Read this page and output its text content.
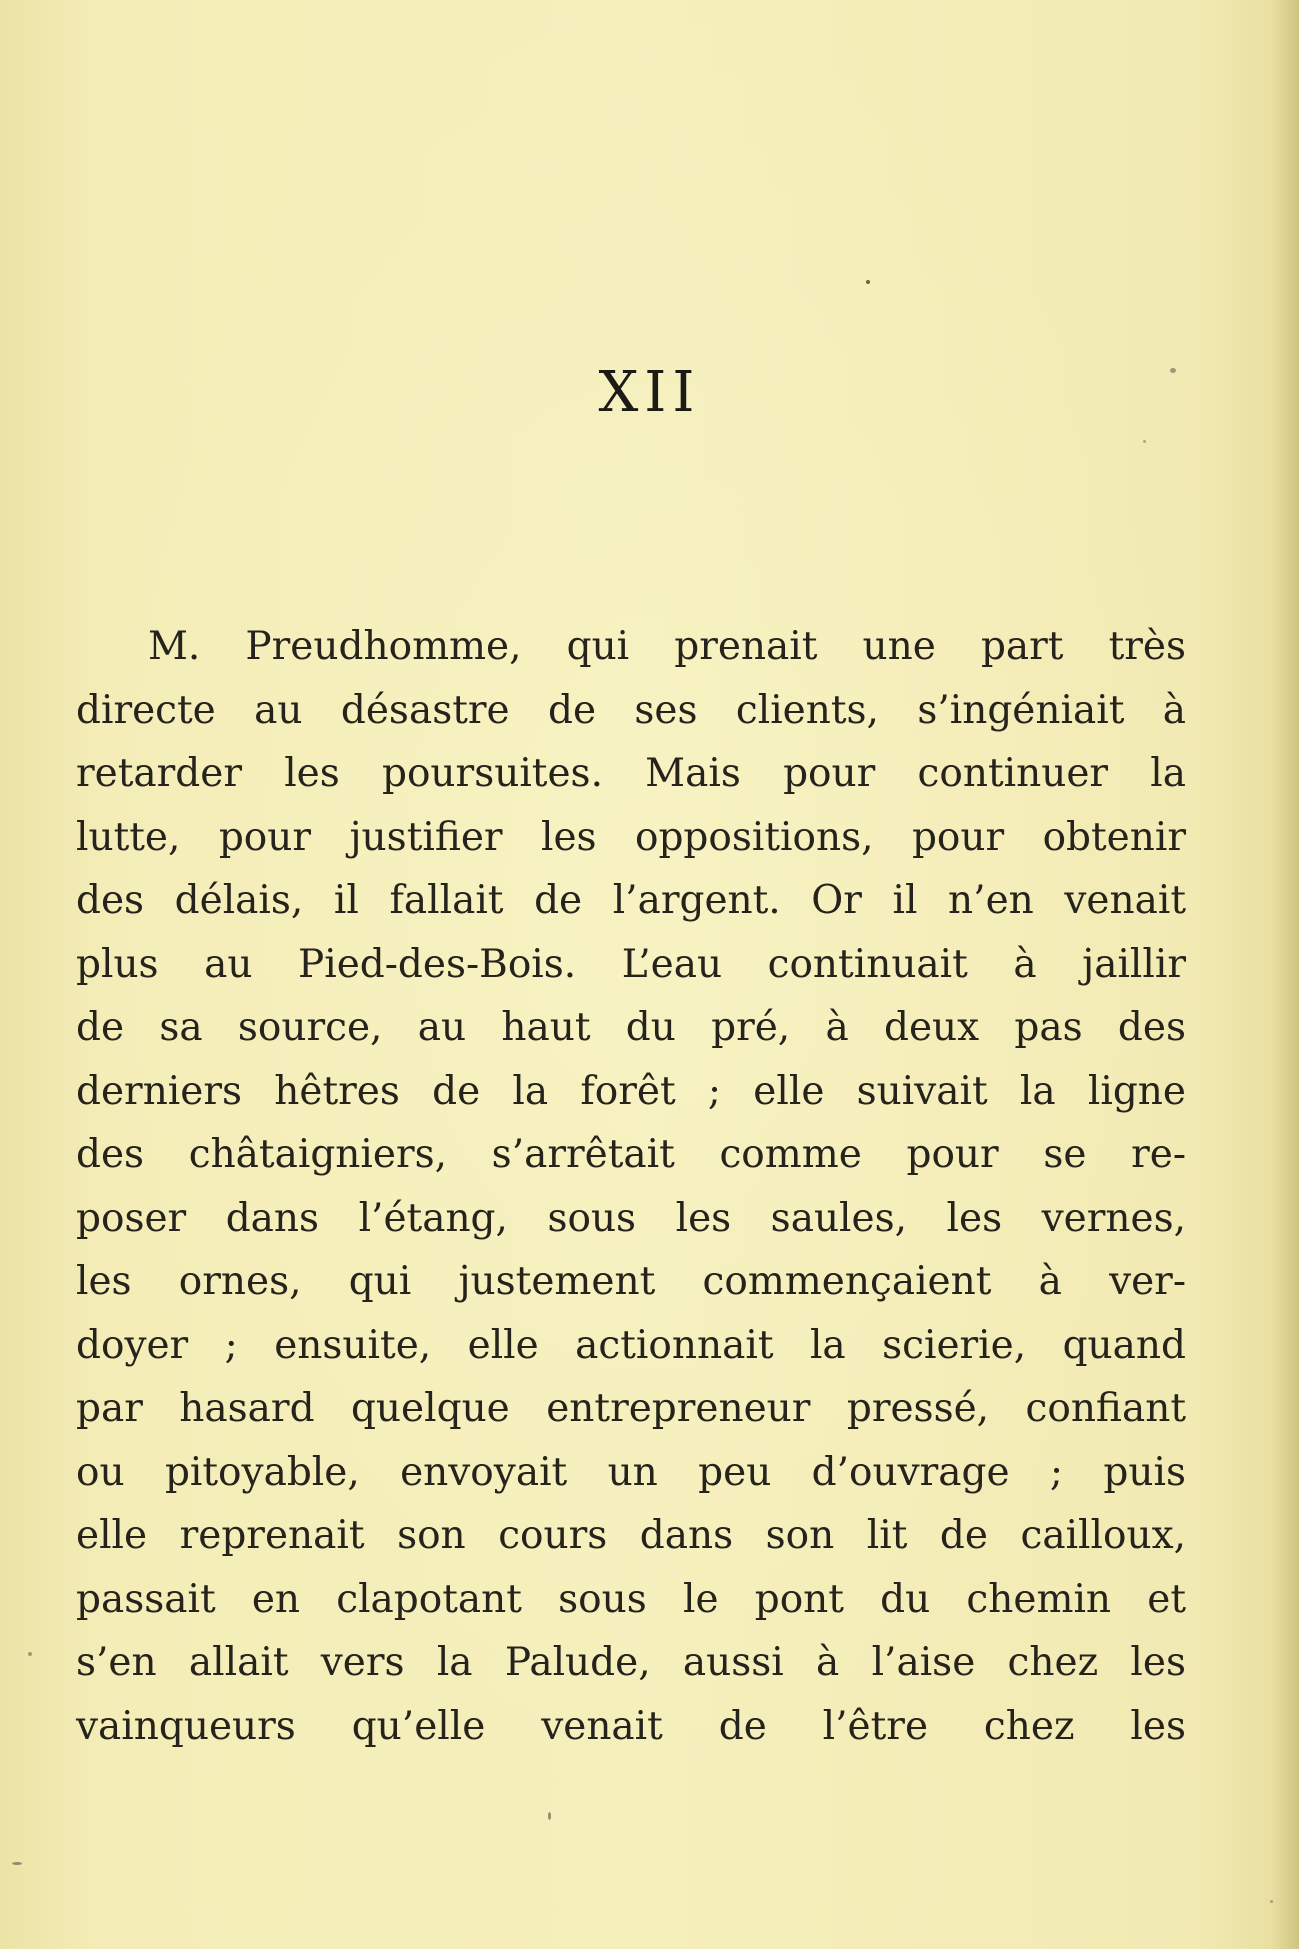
XII
M. Preudhomme, qui prenait une part très
directe au désastre de ses clients, s’ingéniait à
retarder les poursuites. Mais pour continuer la
lutte, pour justifier les oppositions, pour obtenir
des délais, il fallait de l’argent. Or il n’en venait
plus au Pied-des-Bois. L’eau continuait à jaillir
de sa source, au haut du pré, à deux pas des
derniers hêtres de la forêt ; elle suivait la ligne
des châtaigniers, s’arrêtait comme pour se re-
poser dans l’étang, sous les saules, les vernes,
les ornes, qui justement commençaient à ver-
doyer ; ensuite, elle actionnait la scierie, quand
par hasard quelque entrepreneur pressé, confiant
ou pitoyable, envoyait un peu d’ouvrage ; puis
elle reprenait son cours dans son lit de cailloux,
passait en clapotant sous le pont du chemin et
s’en allait vers la Palude, aussi à l’aise chez les
vainqueurs qu’elle venait de l’être chez les
